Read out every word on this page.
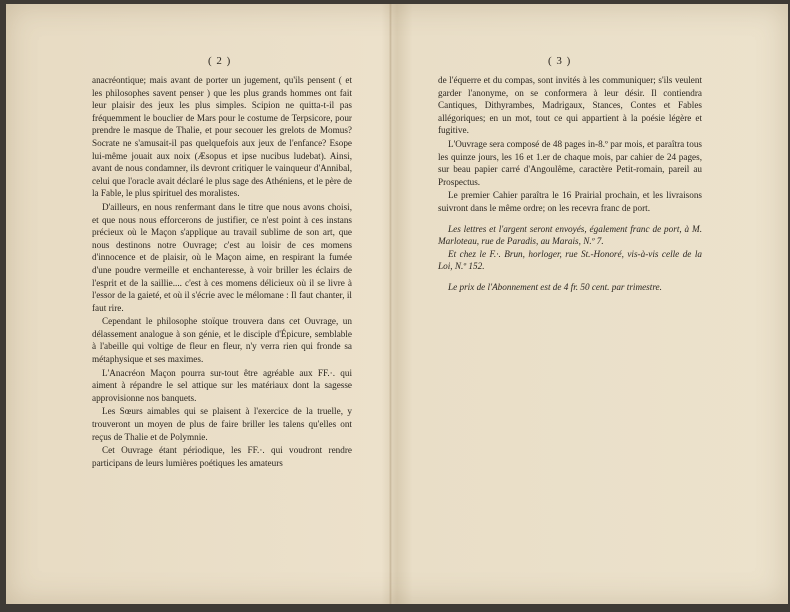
( 2 )	( 3 )

anacréontique; mais avant de porter un jugement, qu'ils pensent ( et les philosophes savent penser ) que les plus grands hommes ont fait leur plaisir des jeux les plus simples. Scipion ne quitta-t-il pas fréquemment le bouclier de Mars pour le costume de Terpsicore, pour prendre le masque de Thalie, et pour secouer les grelots de Momus? Socrate ne s'amusait-il pas quelquefois aux jeux de l'enfance? Esope lui-même jouait aux noix (Æsopus et ipse nucibus ludebat). Ainsi, avant de nous condamner, ils devront critiquer le vainqueur d'Annibal, celui que l'oracle avait déclaré le plus sage des Athéniens, et le père de la Fable, le plus spirituel des moralistes.

D'ailleurs, en nous renfermant dans le titre que nous avons choisi, et que nous nous efforcerons de justifier, ce n'est point à ces instans précieux où le Maçon s'applique au travail sublime de son art, que nous destinons notre Ouvrage; c'est au loisir de ces momens d'innocence et de plaisir, où le Maçon aime, en respirant la fumée d'une poudre vermeille et enchanteresse, à voir briller les éclairs de l'esprit et de la saillie.... c'est à ces momens délicieux où il se livre à l'essor de la gaieté, et où il s'écrie avec le mélomane : Il faut chanter, il faut rire.

Cependant le philosophe stoïque trouvera dans cet Ouvrage, un délassement analogue à son génie, et le disciple d'Épicure, semblable à l'abeille qui voltige de fleur en fleur, n'y verra rien qui fronde sa métaphysique et ses maximes.

L'Anacréon Maçon pourra sur-tout être agréable aux FF.·. qui aiment à répandre le sel attique sur les matériaux dont la sagesse approvisionne nos banquets.

Les Sœurs aimables qui se plaisent à l'exercice de la truelle, y trouveront un moyen de plus de faire briller les talens qu'elles ont reçus de Thalie et de Polymnie.

Cet Ouvrage étant périodique, les FF.·. qui voudront rendre participans de leurs lumières poétiques les amateurs

de l'équerre et du compas, sont invités à les communiquer; s'ils veulent garder l'anonyme, on se conformera à leur désir. Il contiendra Cantiques, Dithyrambes, Madrigaux, Stances, Contes et Fables allégoriques; en un mot, tout ce qui appartient à la poésie légère et fugitive.

L'Ouvrage sera composé de 48 pages in-8.º par mois, et paraîtra tous les quinze jours, les 16 et 1.er de chaque mois, par cahier de 24 pages, sur beau papier carré d'Angoulême, caractère Petit-romain, pareil au Prospectus.

Le premier Cahier paraîtra le 16 Prairial prochain, et les livraisons suivront dans le même ordre; on les recevra franc de port.

Les lettres et l'argent seront envoyés, également franc de port, à M. Marloteau, rue de Paradis, au Marais, N.º 7.

Et chez le F.·. Brun, horloger, rue St.-Honoré, vis-à-vis celle de la Loi, N.º 152.

Le prix de l'Abonnement est de 4 fr. 50 cent. par trimestre.
